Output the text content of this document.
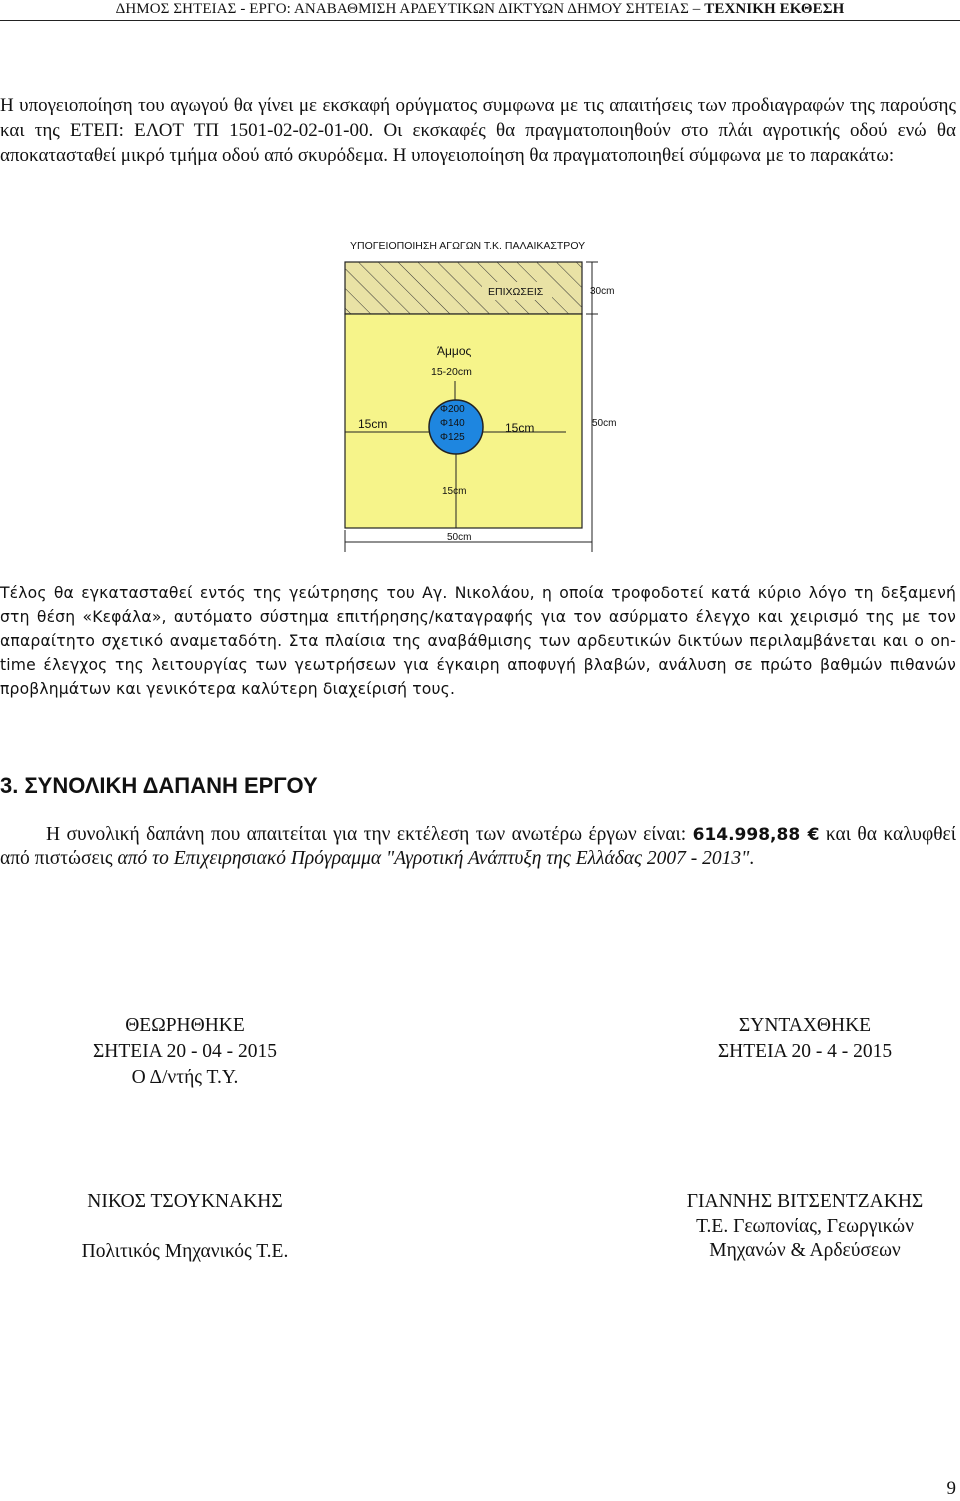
ΔΗΜΟΣ ΣΗΤΕΙΑΣ - ΕΡΓΟ: ΑΝΑΒΑΘΜΙΣΗ ΑΡΔΕΥΤΙΚΩΝ ΔΙΚΤΥΩΝ ΔΗΜΟΥ ΣΗΤΕΙΑΣ – ΤΕΧΝΙΚΗ ΕΚΘΕΣΗ
Η υπογειοποίηση του αγωγού θα γίνει με εκσκαφή ορύγματος συμφωνα με τις απαιτήσεις των προδιαγραφών της παρούσης και της ΕΤΕΠ: ΕΛΟΤ ΤΠ 1501-02-02-01-00. Οι εκσκαφές θα πραγματοποιηθούν στο πλάι αγροτικής οδού ενώ θα αποκατασταθεί μικρό τμήμα οδού από σκυρόδεμα. Η υπογειοποίηση θα πραγματοποιηθεί σύμφωνα με το παρακάτω:
ΥΠΟΓΕΙΟΠΟΙΗΣΗ ΑΓΩΓΩΝ Τ.Κ. ΠΑΛΑΙΚΑΣΤΡΟΥ
ΕΠΙΧΩΣΕΙΣ
Άμμος
15-20cm
Φ200
Φ140
Φ125
15cm	15cm
15cm
30cm
50cm
50cm
Τέλος θα εγκατασταθεί εντός της γεώτρησης του Αγ. Νικολάου, η οποία τροφοδοτεί κατά κύριο λόγο τη δεξαμενή στη θέση «Κεφάλα», αυτόματο σύστημα επιτήρησης/καταγραφής για τον ασύρματο έλεγχο και χειρισμό της με τον απαραίτητο σχετικό αναμεταδότη. Στα πλαίσια της αναβάθμισης των αρδευτικών δικτύων περιλαμβάνεται και ο on-time έλεγχος της λειτουργίας των γεωτρήσεων για έγκαιρη αποφυγή βλαβών, ανάλυση σε πρώτο βαθμών πιθανών προβλημάτων και γενικότερα καλύτερη διαχείρισή τους.
3. ΣΥΝΟΛΙΚΗ ΔΑΠΑΝΗ ΕΡΓΟΥ
Η συνολική δαπάνη που απαιτείται για την εκτέλεση των ανωτέρω έργων είναι: 614.998,88 € και θα καλυφθεί από πιστώσεις από το Επιχειρησιακό Πρόγραμμα "Αγροτική Ανάπτυξη της Ελλάδας 2007 - 2013".
ΘΕΩΡΗΘΗΚΕ
ΣΗΤΕΙΑ 20 - 04 - 2015
Ο Δ/ντής Τ.Υ.
ΣΥΝΤΑΧΘΗΚΕ
ΣΗΤΕΙΑ 20 - 4 - 2015
ΝΙΚΟΣ ΤΣΟΥΚΝΑΚΗΣ
Πολιτικός Μηχανικός Τ.Ε.
ΓΙΑΝΝΗΣ ΒΙΤΣΕΝΤΖΑΚΗΣ
Τ.Ε. Γεωπονίας, Γεωργικών
Μηχανών & Αρδεύσεων
9
